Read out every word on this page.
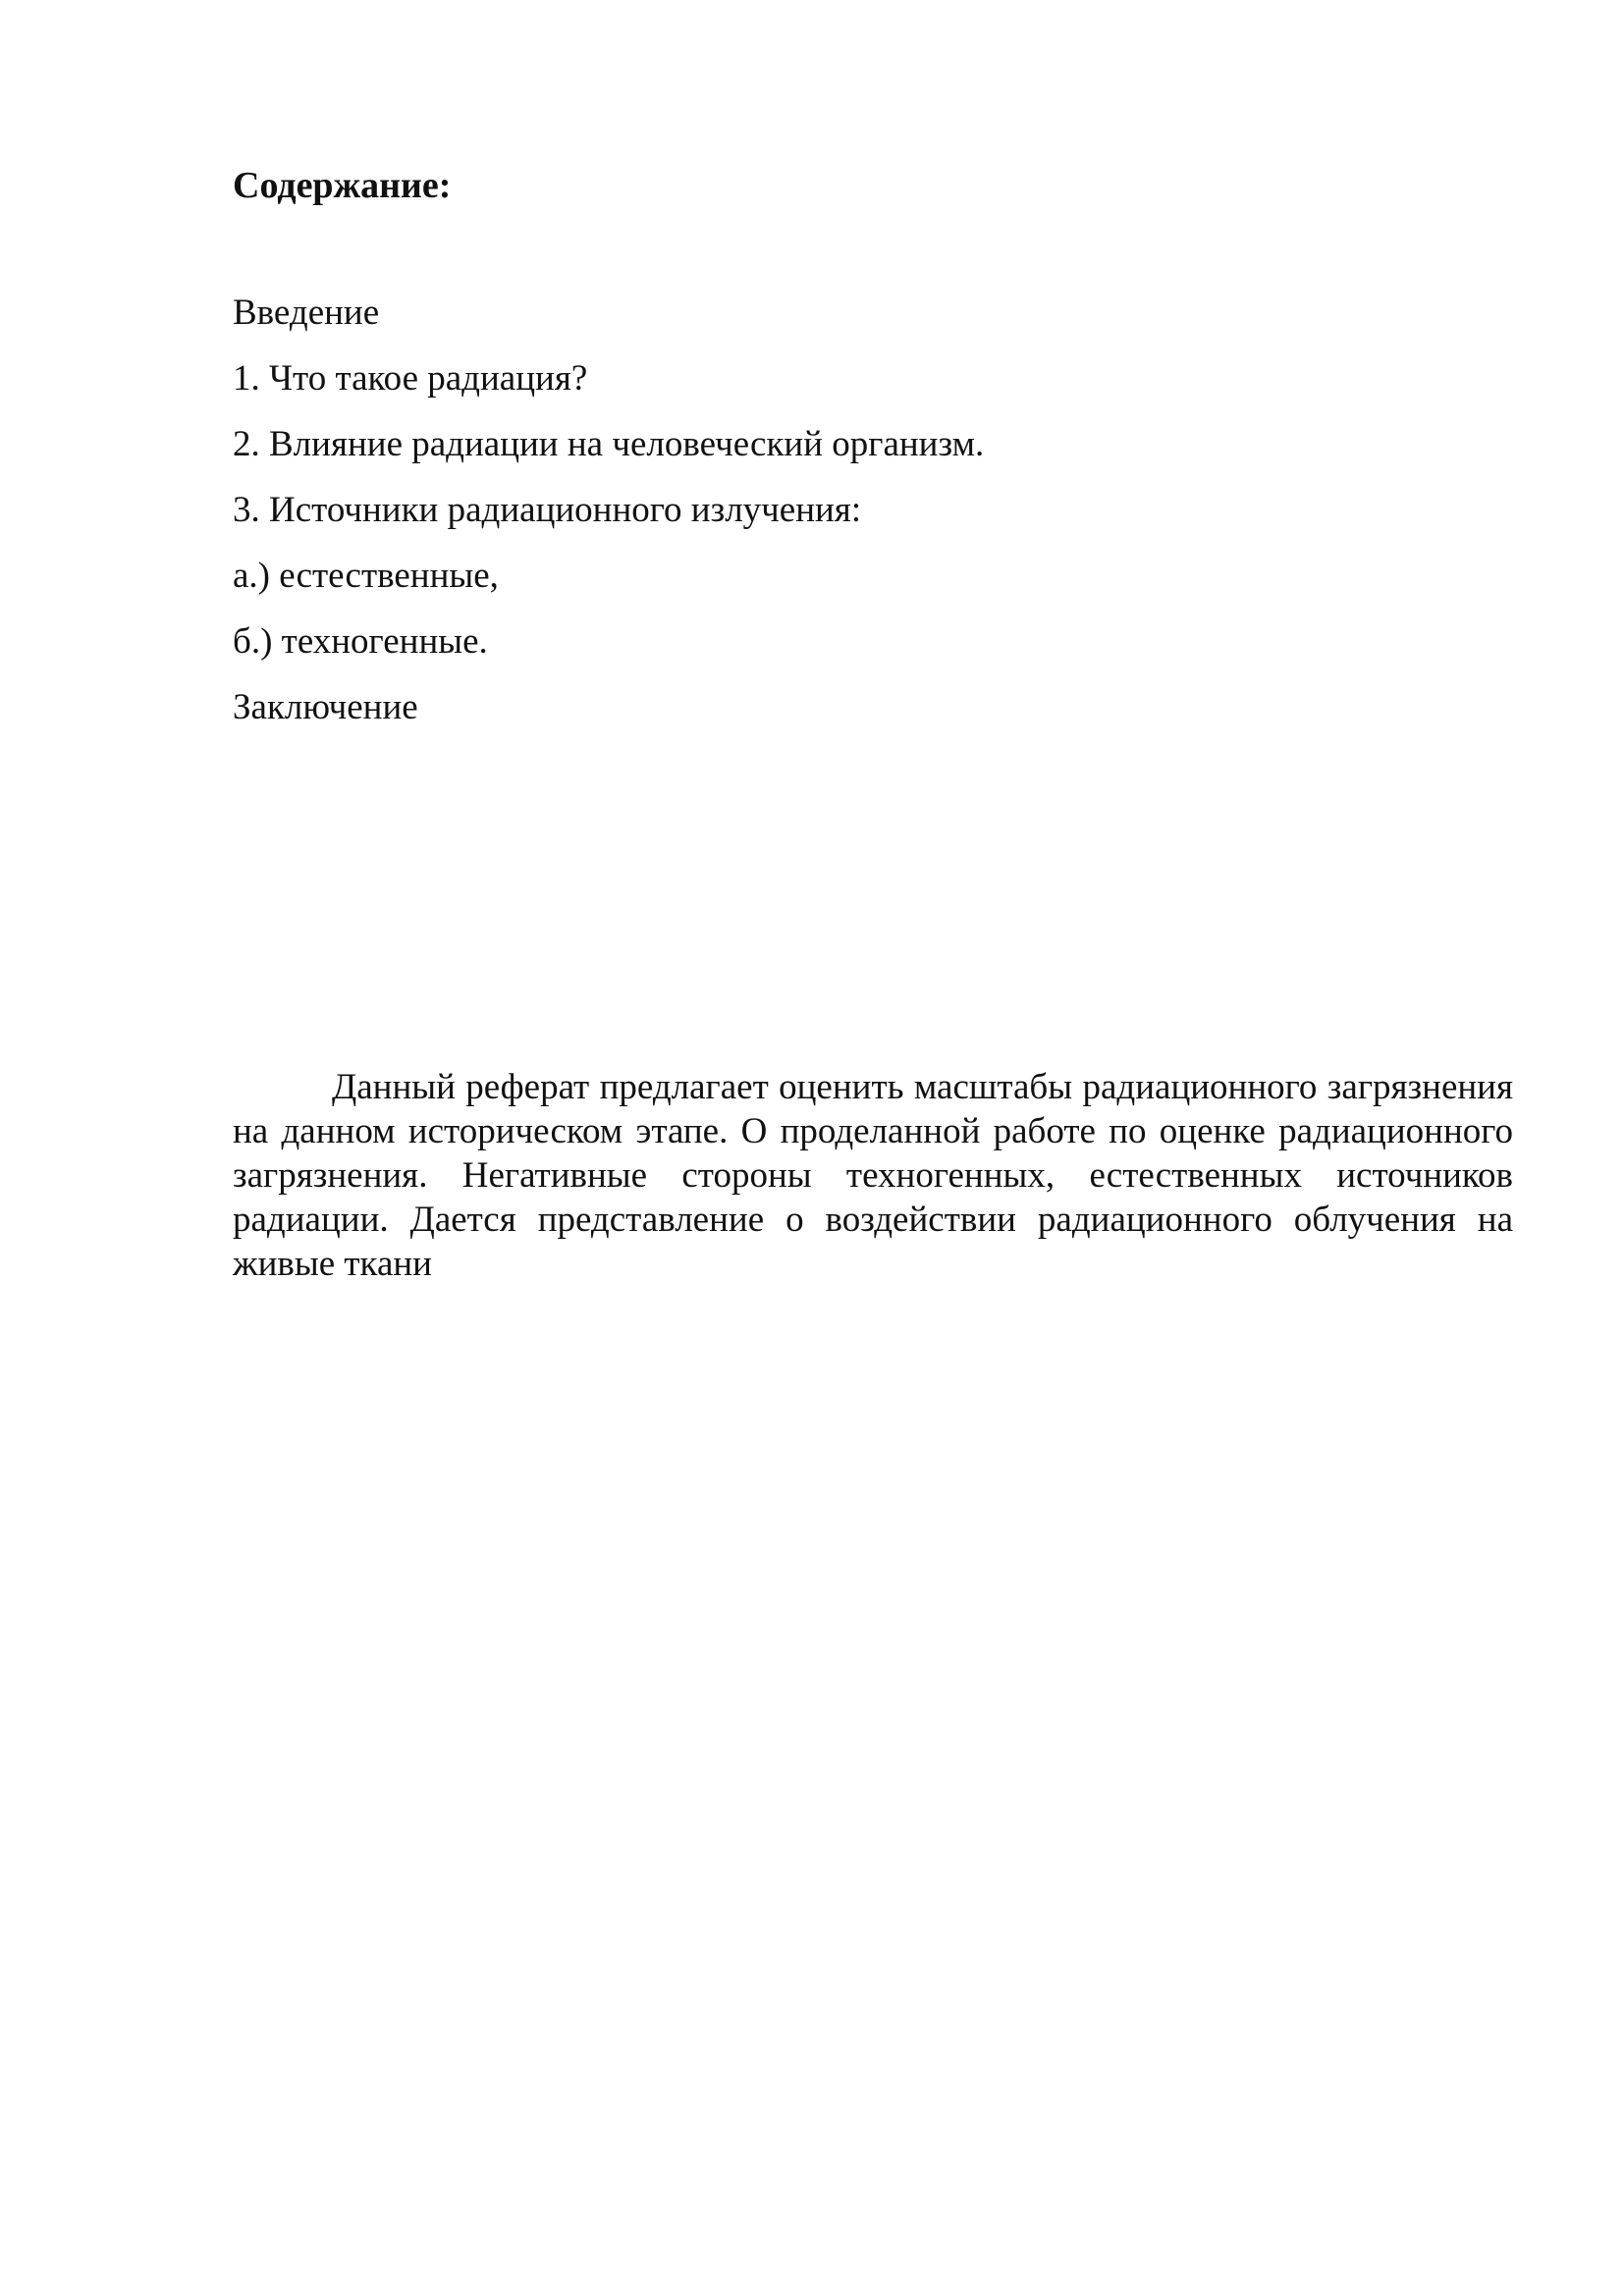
Содержание:
Введение
1. Что такое радиация?
2. Влияние радиации на человеческий организм.
3. Источники радиационного излучения:
а.) естественные,
б.) техногенные.
Заключение

Данный реферат предлагает оценить масштабы радиационного загрязнения на данном историческом этапе. О проделанной работе по оценке радиационного загрязнения. Негативные стороны техногенных, естественных источников радиации. Дается представление о воздействии радиационного облучения на живые ткани
